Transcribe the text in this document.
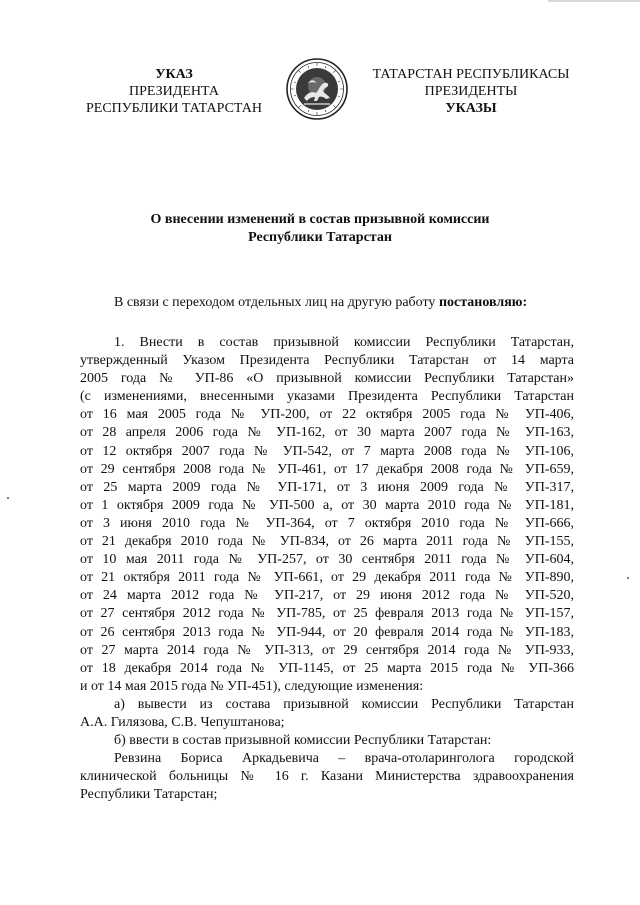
УКАЗ
ПРЕЗИДЕНТА
РЕСПУБЛИКИ ТАТАРСТАН
ТАТАРСТАН РЕСПУБЛИКАСЫ
ПРЕЗИДЕНТЫ
УКАЗЫ
О внесении изменений в состав призывной комиссии
Республики Татарстан

В связи с переходом отдельных лиц на другую работу постановляю:

1. Внести в состав призывной комиссии Республики Татарстан,

утвержденный Указом Президента Республики Татарстан от 14 марта

2005 года № УП-86 «О призывной комиссии Республики Татарстан»

(с изменениями, внесенными указами Президента Республики Татарстан

от 16 мая 2005 года № УП-200, от 22 октября 2005 года № УП-406,

от 28 апреля 2006 года № УП-162, от 30 марта 2007 года № УП-163,

от 12 октября 2007 года № УП-542, от 7 марта 2008 года № УП-106,

от 29 сентября 2008 года № УП-461, от 17 декабря 2008 года № УП-659,

от 25 марта 2009 года № УП-171, от 3 июня 2009 года № УП-317,

от 1 октября 2009 года № УП-500 а, от 30 марта 2010 года № УП-181,

от 3 июня 2010 года № УП-364, от 7 октября 2010 года № УП-666,

от 21 декабря 2010 года № УП-834, от 26 марта 2011 года № УП-155,

от 10 мая 2011 года № УП-257, от 30 сентября 2011 года № УП-604,

от 21 октября 2011 года № УП-661, от 29 декабря 2011 года № УП-890,

от 24 марта 2012 года № УП-217, от 29 июня 2012 года № УП-520,

от 27 сентября 2012 года № УП-785, от 25 февраля 2013 года № УП-157,

от 26 сентября 2013 года № УП-944, от 20 февраля 2014 года № УП-183,

от 27 марта 2014 года № УП-313, от 29 сентября 2014 года № УП-933,

от 18 декабря 2014 года № УП-1145, от 25 марта 2015 года № УП-366

и от 14 мая 2015 года № УП-451), следующие изменения:

а) вывести из состава призывной комиссии Республики Татарстан

А.А. Гилязова, С.В. Чепуштанова;

б) ввести в состав призывной комиссии Республики Татарстан:

Ревзина Бориса Аркадьевича – врача-отоларинголога городской

клинической больницы № 16 г. Казани Министерства здравоохранения

Республики Татарстан;
